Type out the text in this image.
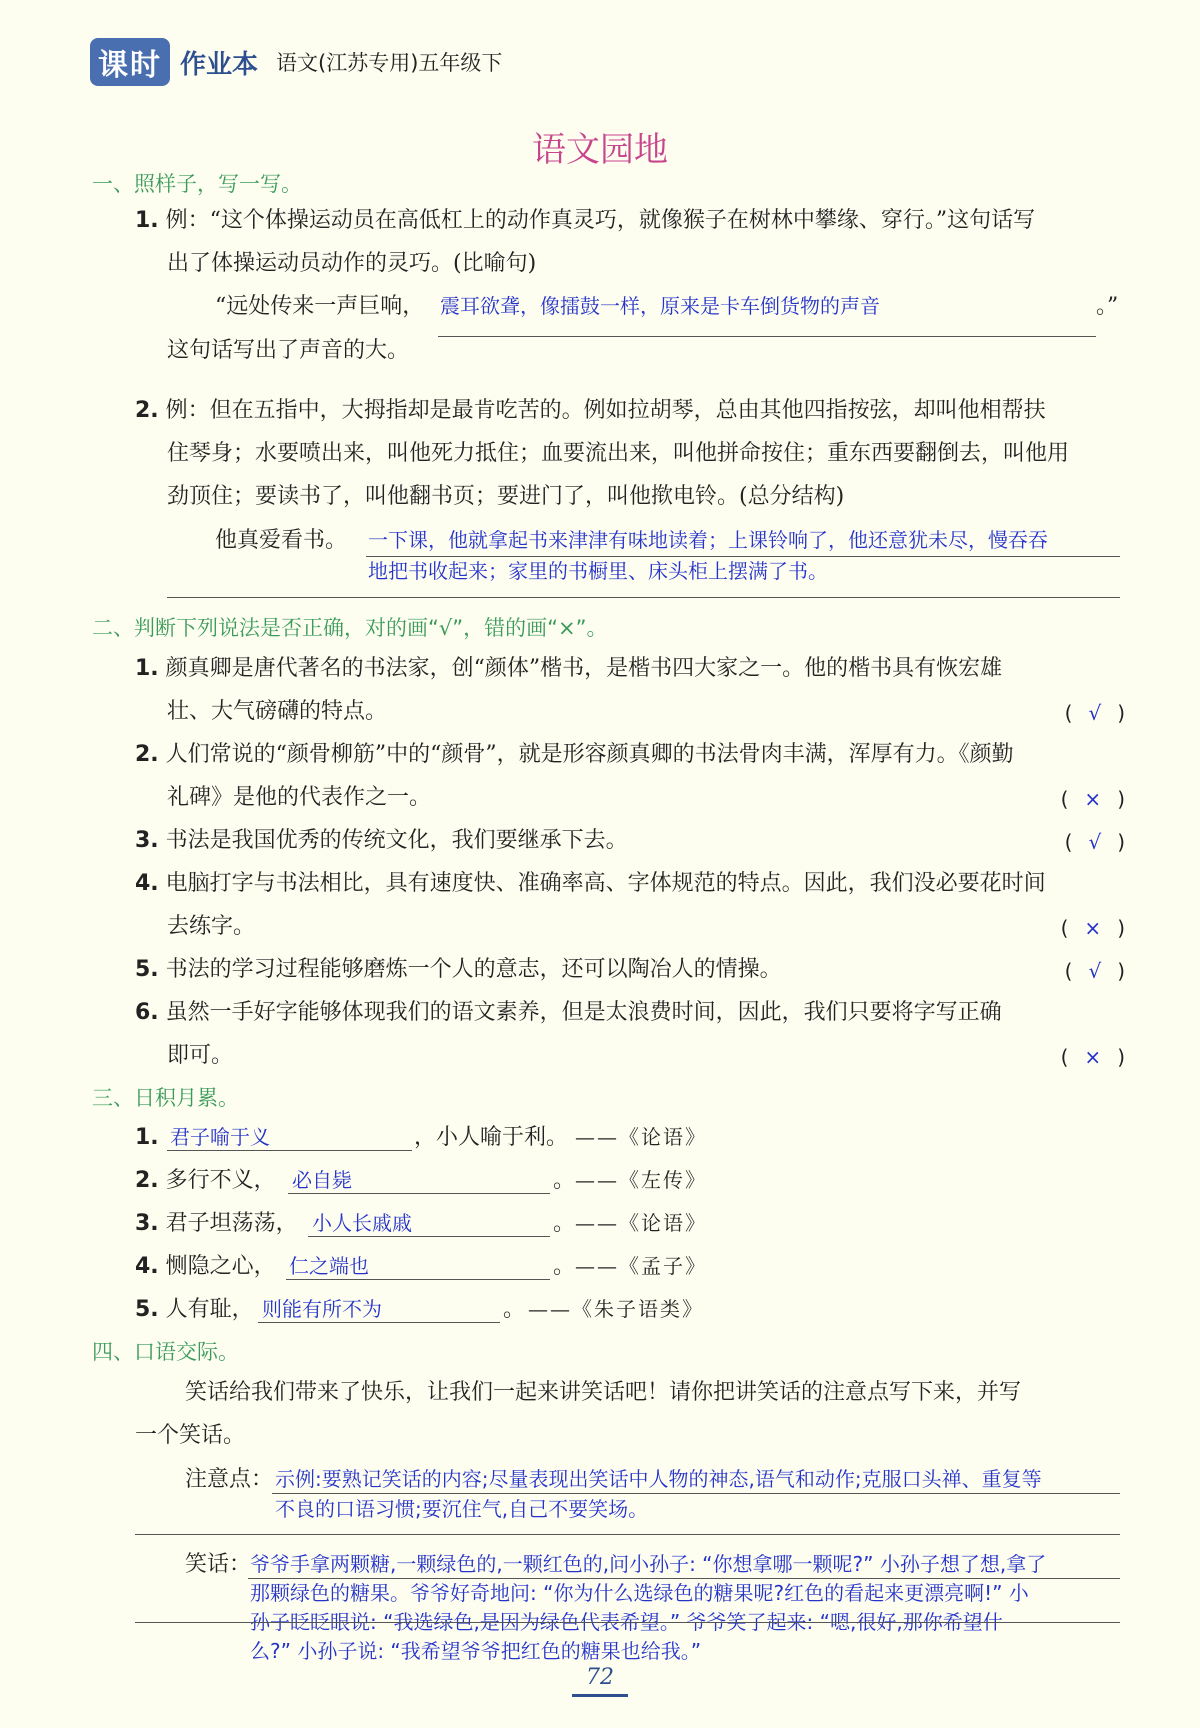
课时 作业本 语文(江苏专用)五年级下
语文园地
一、照样子，写一写。
1. 例：“这个体操运动员在高低杠上的动作真灵巧，就像猴子在树林中攀缘、穿行。”这句话写
出了体操运动员动作的灵巧。(比喻句)
“远处传来一声巨响， 震耳欲聋，像擂鼓一样，原来是卡车倒货物的声音	。”
这句话写出了声音的大。
2. 例：但在五指中，大拇指却是最肯吃苦的。例如拉胡琴，总由其他四指按弦，却叫他相帮扶
住琴身；水要喷出来，叫他死力抵住；血要流出来，叫他拼命按住；重东西要翻倒去，叫他用
劲顶住；要读书了，叫他翻书页；要进门了，叫他揿电铃。(总分结构)
他真爱看书。 一下课，他就拿起书来津津有味地读着；上课铃响了，他还意犹未尽，慢吞吞
地把书收起来；家里的书橱里、床头柜上摆满了书。
二、判断下列说法是否正确，对的画“√”，错的画“×”。
1. 颜真卿是唐代著名的书法家，创“颜体”楷书，是楷书四大家之一。他的楷书具有恢宏雄
壮、大气磅礴的特点。	( √ )
2. 人们常说的“颜骨柳筋”中的“颜骨”，就是形容颜真卿的书法骨肉丰满，浑厚有力。《颜勤
礼碑》是他的代表作之一。	( × )
3. 书法是我国优秀的传统文化，我们要继承下去。	( √ )
4. 电脑打字与书法相比，具有速度快、准确率高、字体规范的特点。因此，我们没必要花时间
去练字。	( × )
5. 书法的学习过程能够磨炼一个人的意志，还可以陶冶人的情操。	( √ )
6. 虽然一手好字能够体现我们的语文素养，但是太浪费时间，因此，我们只要将字写正确
即可。	( × )
三、日积月累。
1. 君子喻于义	，小人喻于利。 ——《论语》
2. 多行不义， 必自毙	。 ——《左传》
3. 君子坦荡荡， 小人长戚戚	。 ——《论语》
4. 恻隐之心， 仁之端也	。 ——《孟子》
5. 人有耻， 则能有所不为	。 ——《朱子语类》
四、口语交际。
笑话给我们带来了快乐，让我们一起来讲笑话吧！请你把讲笑话的注意点写下来，并写
一个笑话。
注意点： 示例:要熟记笑话的内容;尽量表现出笑话中人物的神态,语气和动作;克服口头禅、重复等
不良的口语习惯;要沉住气,自己不要笑场。
笑话：
爷爷手拿两颗糖,一颗绿色的,一颗红色的,问小孙子: “你想拿哪一颗呢?” 小孙子想了想,拿了
那颗绿色的糖果。爷爷好奇地问: “你为什么选绿色的糖果呢?红色的看起来更漂亮啊!” 小
孙子眨眨眼说: “我选绿色,是因为绿色代表希望。” 爷爷笑了起来: “嗯,很好,那你希望什
么?” 小孙子说: “我希望爷爷把红色的糖果也给我。”
72
